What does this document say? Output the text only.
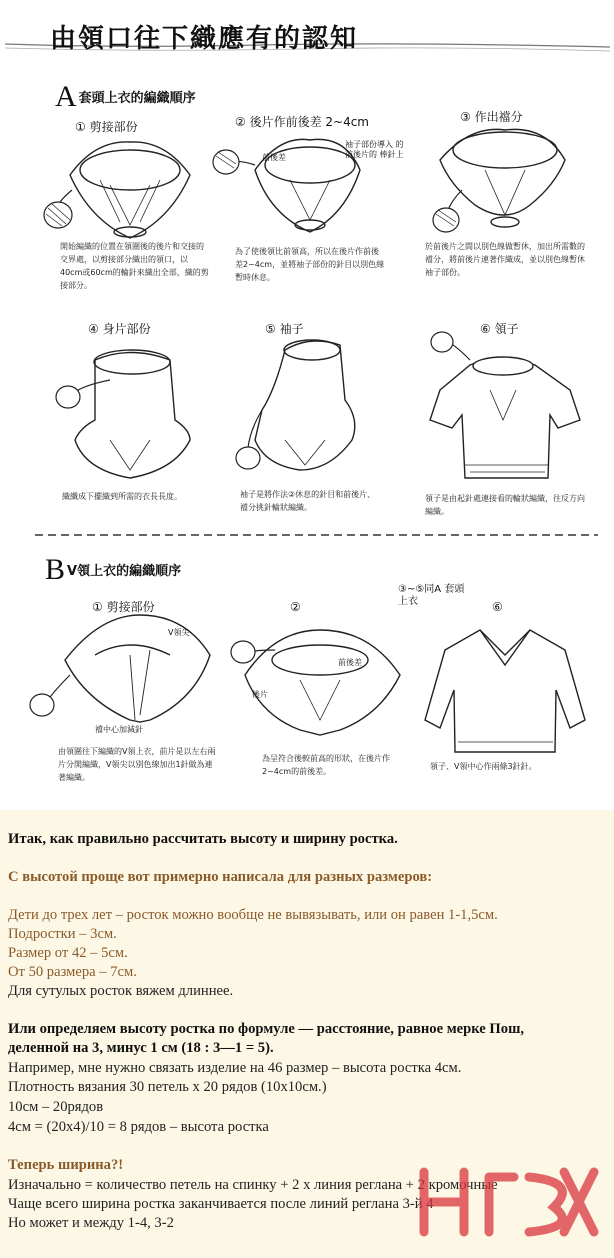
由領口往下織應有的認知
A套頭上衣的編織順序
BV領上衣的編織順序
① 剪接部份	② 後片作前後差 2~4cm	③ 作出襠分
④ 身片部份	⑤ 袖子	⑥ 領子
① 剪接部份	②
③~⑤同A 套頭上衣	⑥
前後差
袖子部份導入 的前後片的 棒針上
V領尖
襠中心加減針
前後差
後片
開始編織的位置在領圍後的後片和交接的交界處，以剪接部分織出的領口，以40cm或60cm的輪針來織出全部，織的剪接部分。
為了使後領比前領高，所以在後片作前後差2~4cm，並將袖子部份的針目以別色線暫時休息。
於前後片之間以別色線做暫休，加出所需數的襠分，將前後片連著作織成，並以別色線暫休袖子部份。
織纖成下擺織到所需的衣長長度。	袖子是將作法②休息的針目和前後片、襠分挑針輪狀編織。
領子是由起針處連接看的輪狀編織，往反方向編織。
由領圍往下編織的V領上衣，前片是以左右兩片分開編織，V領尖以別色線加出1針做為連著編織。
為呈符合後較前高的形狀，在後片作2~4cm的前後差。
領子、V領中心作兩條3針針。
Итак, как правильно рассчитать высоту и ширину ростка.
С высотой проще вот примерно написала для разных размеров:
Дети до трех лет – росток можно вообще не вывязывать, или он равен 1-1,5см.
Подростки – 3см.
Размер от 42 – 5см.
От 50 размера – 7см.
Для сутулых росток вяжем длиннее.
Или определяем высоту ростка по формуле — расстояние, равное мерке Пош,
деленной на 3, минус 1 см (18 : 3—1 = 5).
Например, мне нужно связать изделие на 46 размер – высота ростка 4см.
Плотность вязания 30 петель х 20 рядов (10х10см.)
10см – 20рядов
4см = (20х4)/10 = 8 рядов – высота ростка
Теперь ширина?!
Изначально = количество петель на спинку + 2 х линия реглана + 2 кромочные
Чаще всего ширина ростка заканчивается после линий реглана 3-й 4
Но может и между 1-4, 3-2
